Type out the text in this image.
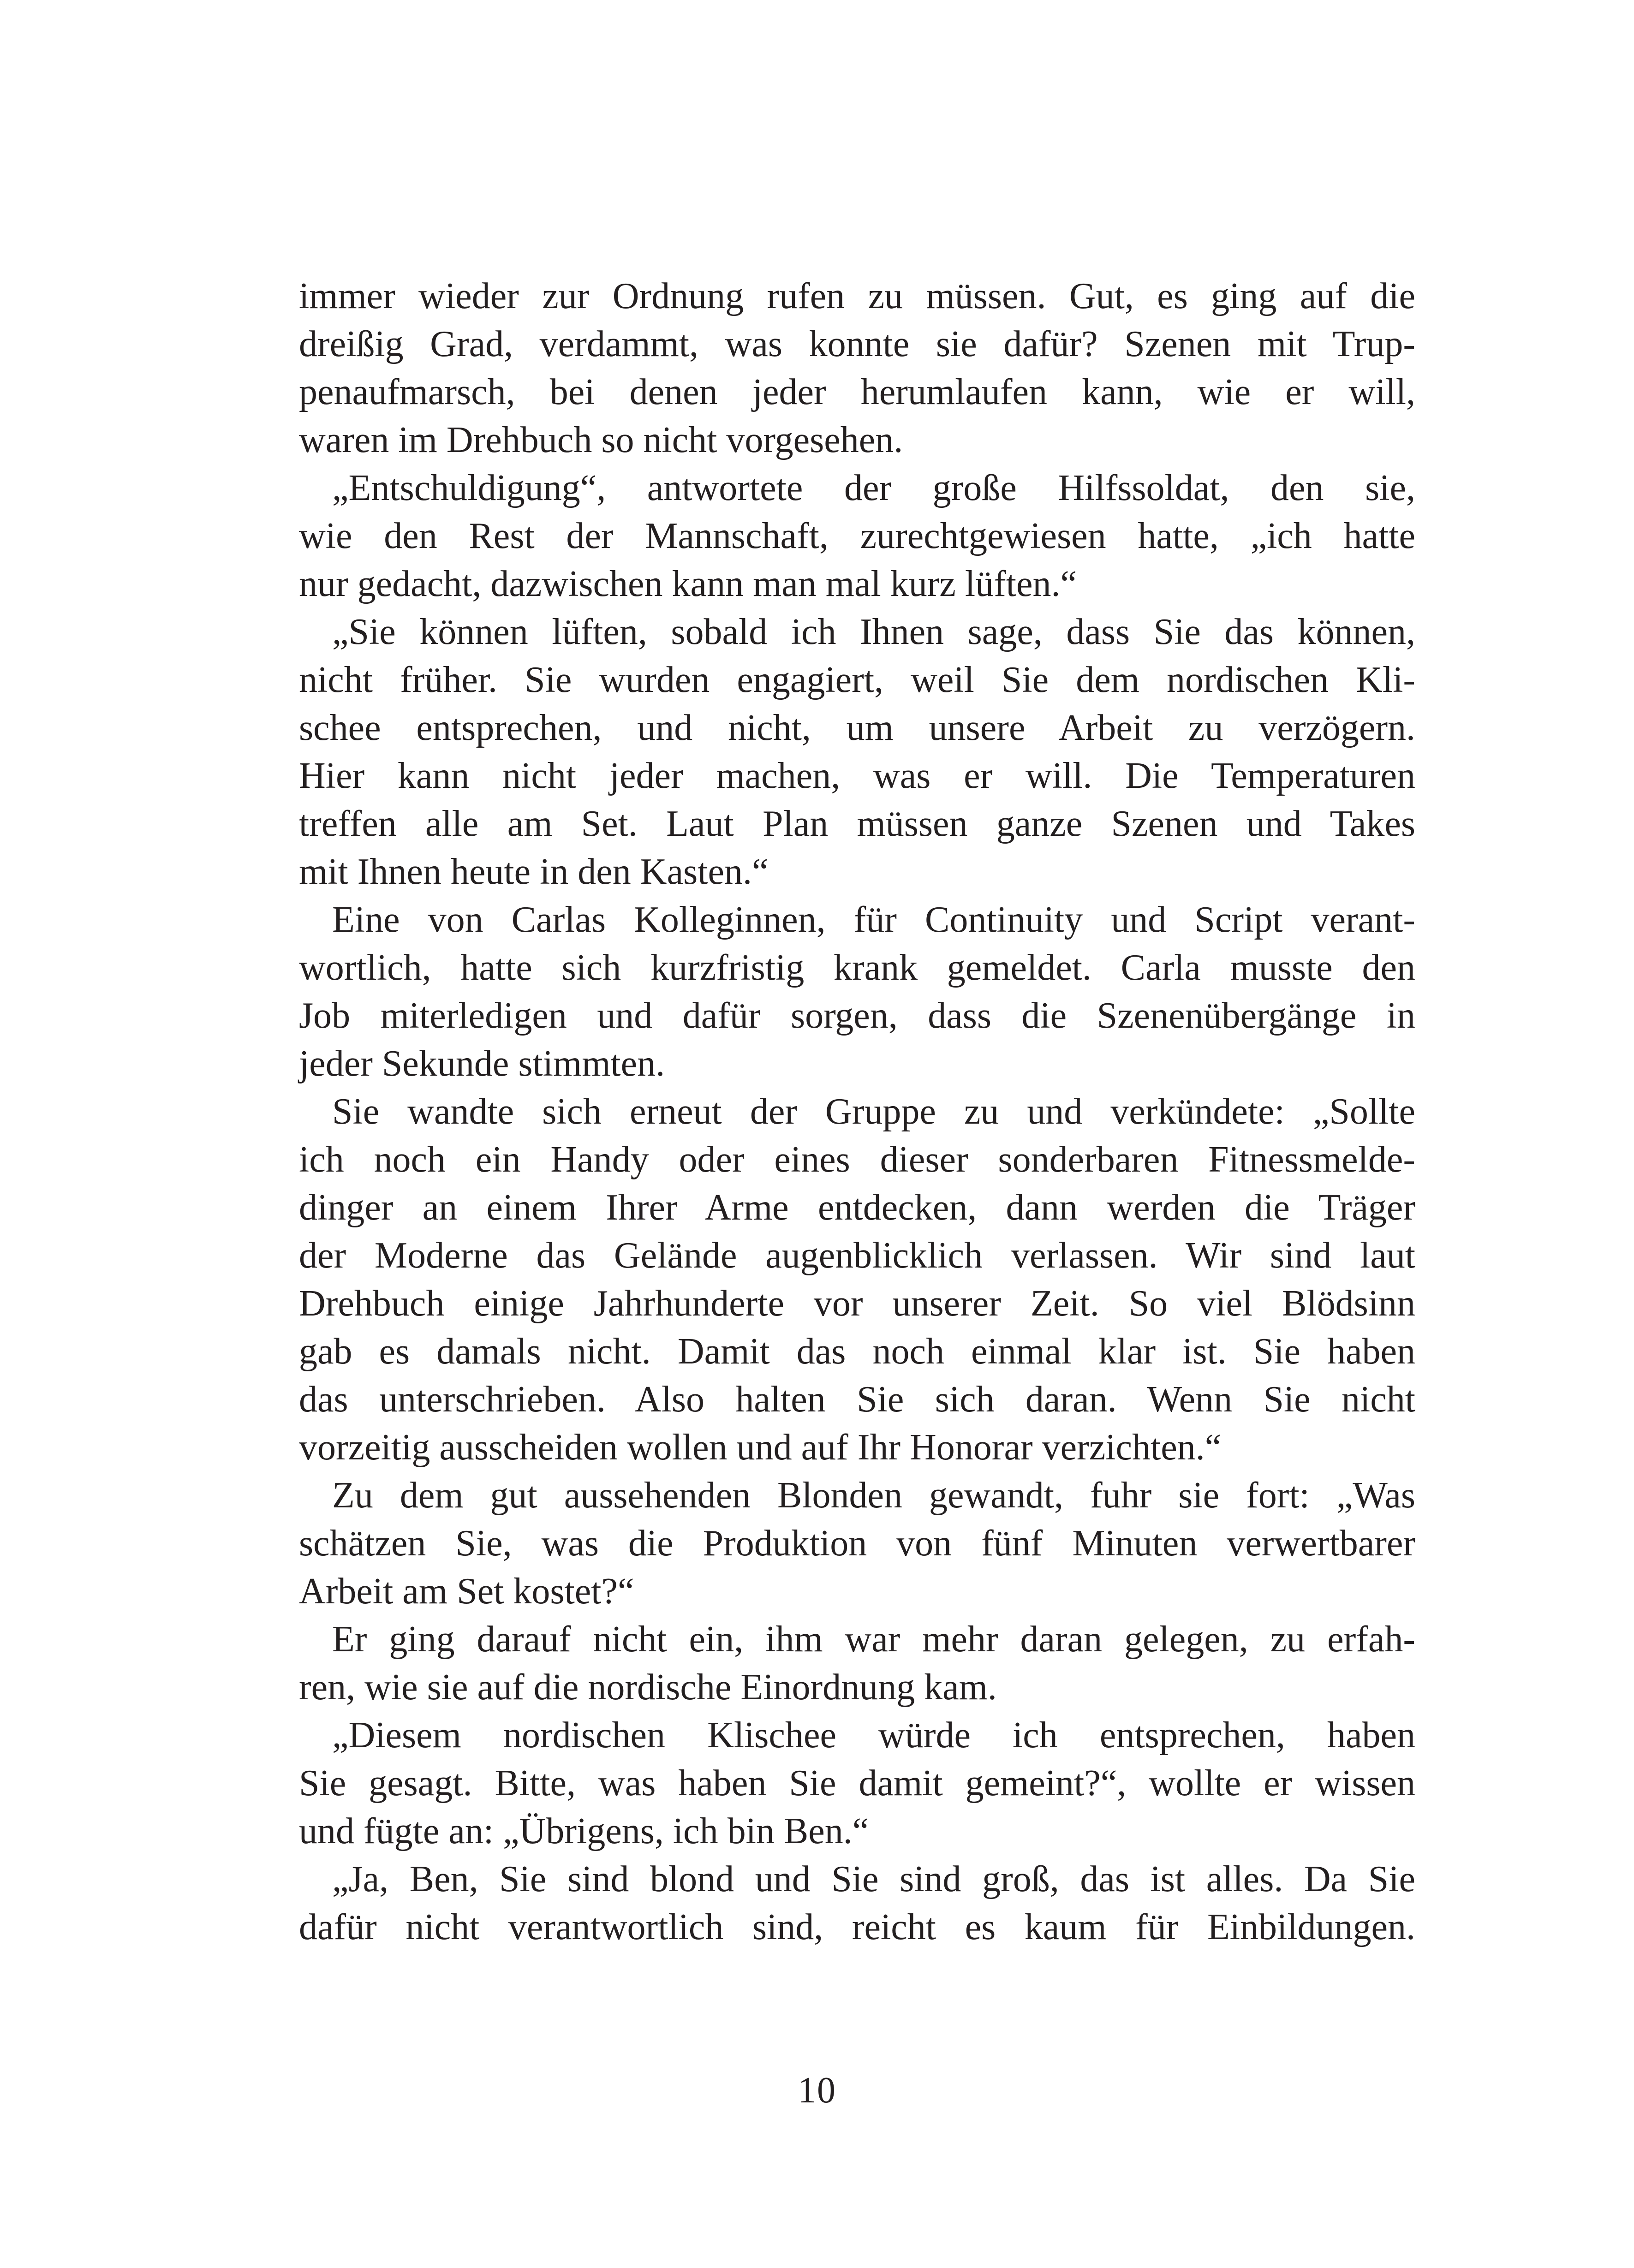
immer wieder zur Ordnung rufen zu müssen. Gut, es ging auf die
dreißig Grad, verdammt, was konnte sie dafür? Szenen mit Trup-
penaufmarsch, bei denen jeder herumlaufen kann, wie er will,
waren im Drehbuch so nicht vorgesehen.
„Entschuldigung“, antwortete der große Hilfssoldat, den sie,
wie den Rest der Mannschaft, zurechtgewiesen hatte, „ich hatte
nur gedacht, dazwischen kann man mal kurz lüften.“
„Sie können lüften, sobald ich Ihnen sage, dass Sie das können,
nicht früher. Sie wurden engagiert, weil Sie dem nordischen Kli-
schee entsprechen, und nicht, um unsere Arbeit zu verzögern.
Hier kann nicht jeder machen, was er will. Die Temperaturen
treffen alle am Set. Laut Plan müssen ganze Szenen und Takes
mit Ihnen heute in den Kasten.“
Eine von Carlas Kolleginnen, für Continuity und Script verant-
wortlich, hatte sich kurzfristig krank gemeldet. Carla musste den
Job miterledigen und dafür sorgen, dass die Szenenübergänge in
jeder Sekunde stimmten.
Sie wandte sich erneut der Gruppe zu und verkündete: „Sollte
ich noch ein Handy oder eines dieser sonderbaren Fitnessmelde-
dinger an einem Ihrer Arme entdecken, dann werden die Träger
der Moderne das Gelände augenblicklich verlassen. Wir sind laut
Drehbuch einige Jahrhunderte vor unserer Zeit. So viel Blödsinn
gab es damals nicht. Damit das noch einmal klar ist. Sie haben
das unterschrieben. Also halten Sie sich daran. Wenn Sie nicht
vorzeitig ausscheiden wollen und auf Ihr Honorar verzichten.“
Zu dem gut aussehenden Blonden gewandt, fuhr sie fort: „Was
schätzen Sie, was die Produktion von fünf Minuten verwertbarer
Arbeit am Set kostet?“
Er ging darauf nicht ein, ihm war mehr daran gelegen, zu erfah-
ren, wie sie auf die nordische Einordnung kam.
„Diesem nordischen Klischee würde ich entsprechen, haben
Sie gesagt. Bitte, was haben Sie damit gemeint?“, wollte er wissen
und fügte an: „Übrigens, ich bin Ben.“
„Ja, Ben, Sie sind blond und Sie sind groß, das ist alles. Da Sie
dafür nicht verantwortlich sind, reicht es kaum für Einbildungen.
10
